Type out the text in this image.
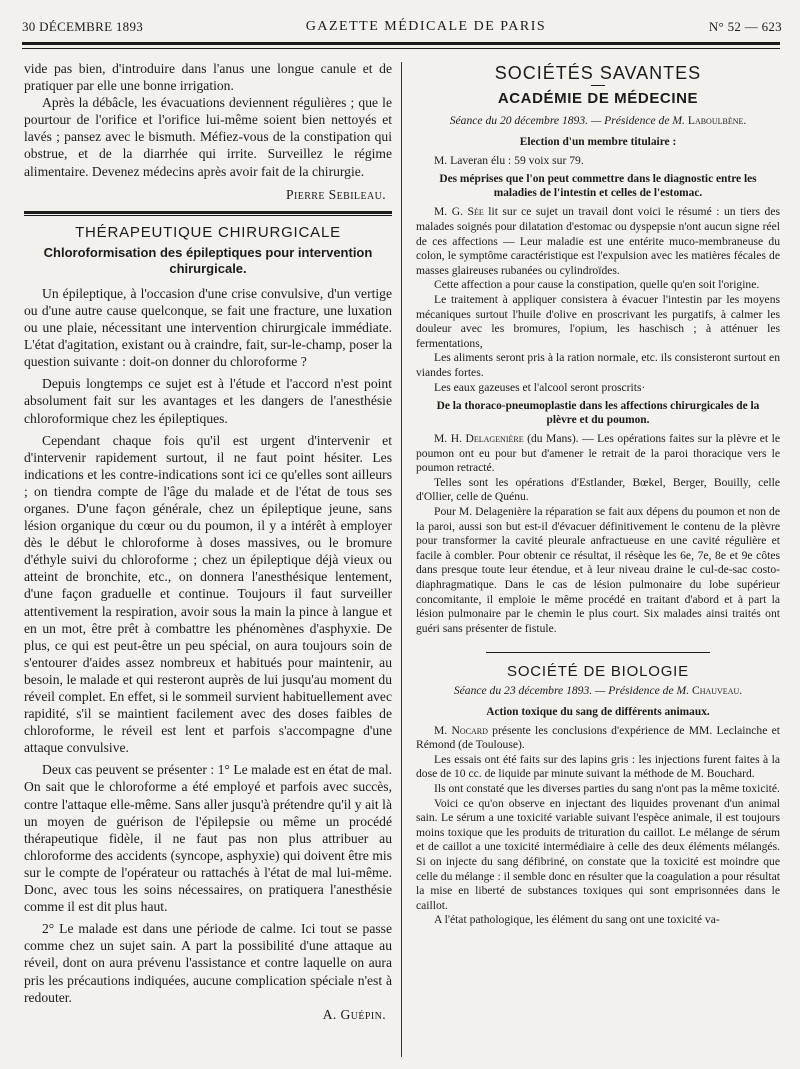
30 DÉCEMBRE 1893	GAZETTE MÉDICALE DE PARIS	N° 52 — 623

vide pas bien, d'introduire dans l'anus une longue canule et de pratiquer par elle une bonne irrigation.

Après la débâcle, les évacuations deviennent régulières ; que le pourtour de l'orifice et l'orifice lui-même soient bien nettoyés et lavés ; pansez avec le bismuth. Méfiez-vous de la constipation qui obstrue, et de la diarrhée qui irrite. Surveillez le régime alimentaire. Devenez médecins après avoir fait de la chirurgie.

Pierre Sebileau.

THÉRAPEUTIQUE CHIRURGICALE
Chloroformisation des épileptiques pour intervention chirurgicale.

Un épileptique, à l'occasion d'une crise convulsive, d'un vertige ou d'une autre cause quelconque, se fait une fracture, une luxation ou une plaie, nécessitant une intervention chirurgicale immédiate. L'état d'agitation, existant ou à craindre, fait, sur-le-champ, poser la question suivante : doit-on donner du chloroforme ?

Depuis longtemps ce sujet est à l'étude et l'accord n'est point absolument fait sur les avantages et les dangers de l'anesthésie chloroformique chez les épileptiques.

Cependant chaque fois qu'il est urgent d'intervenir et d'intervenir rapidement surtout, il ne faut point hésiter. Les indications et les contre-indications sont ici ce qu'elles sont ailleurs ; on tiendra compte de l'âge du malade et de l'état de tous ses organes. D'une façon générale, chez un épileptique jeune, sans lésion organique du cœur ou du poumon, il y a intérêt à employer dès le début le chloroforme à doses massives, ou le bromure d'éthyle suivi du chloroforme ; chez un épileptique déjà vieux ou atteint de bronchite, etc., on donnera l'anesthésique lentement, d'une façon graduelle et continue. Toujours il faut surveiller attentivement la respiration, avoir sous la main la pince à langue et en un mot, être prêt à combattre les phénomènes d'asphyxie. De plus, ce qui est peut-être un peu spécial, on aura toujours soin de s'entourer d'aides assez nombreux et habitués pour maintenir, au besoin, le malade et qui resteront auprès de lui jusqu'au moment du réveil complet. En effet, si le sommeil survient habituellement avec rapidité, s'il se maintient facilement avec des doses faibles de chloroforme, le réveil est lent et parfois s'accompagne d'une attaque convulsive.

Deux cas peuvent se présenter : 1° Le malade est en état de mal. On sait que le chloroforme a été employé et parfois avec succès, contre l'attaque elle-même. Sans aller jusqu'à prétendre qu'il y ait là un moyen de guérison de l'épilepsie ou même un procédé thérapeutique fidèle, il ne faut pas non plus attribuer au chloroforme des accidents (syncope, asphyxie) qui doivent être mis sur le compte de l'opérateur ou rattachés à l'état de mal lui-même. Donc, avec tous les soins nécessaires, on pratiquera l'anesthésie comme il est dit plus haut.

2° Le malade est dans une période de calme. Ici tout se passe comme chez un sujet sain. A part la possibilité d'une attaque au réveil, dont on aura prévenu l'assistance et contre laquelle on aura pris les précautions indiquées, aucune complication spéciale n'est à redouter.

A. Guépin.

SOCIÉTÉS SAVANTES
ACADÉMIE DE MÉDECINE
Séance du 20 décembre 1893. — Présidence de M. Laboulbène.
Election d'un membre titulaire :

M. Laveran élu : 59 voix sur 79.

Des méprises que l'on peut commettre dans le diagnostic entre les maladies de l'intestin et celles de l'estomac.

M. G. Sée lit sur ce sujet un travail dont voici le résumé : un tiers des malades soignés pour dilatation d'estomac ou dyspepsie n'ont aucun signe réel de ces affections — Leur maladie est une entérite muco-membraneuse du colon, le symptôme caractéristique est l'expulsion avec les matières fécales de masses glaireuses rubanées ou cylindroïdes.

Cette affection a pour cause la constipation, quelle qu'en soit l'origine.

Le traitement à appliquer consistera à évacuer l'intestin par les moyens mécaniques surtout l'huile d'olive en proscrivant les purgatifs, à calmer les douleur avec les bromures, l'opium, les haschisch ; à atténuer les fermentations,

Les aliments seront pris à la ration normale, etc. ils consisteront surtout en viandes fortes.

Les eaux gazeuses et l'alcool seront proscrits·

De la thoraco-pneumoplastie dans les affections chirurgicales de la plèvre et du poumon.

M. H. Delagenière (du Mans). — Les opérations faites sur la plèvre et le poumon ont eu pour but d'amener le retrait de la paroi thoracique vers le poumon retracté.

Telles sont les opérations d'Estlander, Bœkel, Berger, Bouilly, celle d'Ollier, celle de Quénu.

Pour M. Delagenière la réparation se fait aux dépens du poumon et non de la paroi, aussi son but est-il d'évacuer définitivement le contenu de la plèvre pour transformer la cavité pleurale anfractueuse en une cavité régulière et facile à combler. Pour obtenir ce résultat, il résèque les 6e, 7e, 8e et 9e côtes dans presque toute leur étendue, et à leur niveau draine le cul-de-sac costo-diaphragmatique. Dans le cas de lésion pulmonaire du lobe supérieur concomitante, il emploie le même procédé en traitant d'abord et à part la lésion pulmonaire par le chemin le plus court. Six malades ainsi traités ont guéri sans présenter de fistule.

SOCIÉTÉ DE BIOLOGIE
Séance du 23 décembre 1893. — Présidence de M. Chauveau.
Action toxique du sang de différents animaux.

M. Nocard présente les conclusions d'expérience de MM. Leclainche et Rémond (de Toulouse).

Les essais ont été faits sur des lapins gris : les injections furent faites à la dose de 10 cc. de liquide par minute suivant la méthode de M. Bouchard.

Ils ont constaté que les diverses parties du sang n'ont pas la même toxicité.

Voici ce qu'on observe en injectant des liquides provenant d'un animal sain. Le sérum a une toxicité variable suivant l'espèce animale, il est toujours moins toxique que les produits de trituration du caillot. Le mélange de sérum et de caillot a une toxicité intermédiaire à celle des deux éléments mélangés. Si on injecte du sang défibriné, on constate que la toxicité est moindre que celle du mélange : il semble donc en résulter que la coagulation a pour résultat la mise en liberté de substances toxiques qui sont emprisonnées dans le caillot.

A l'état pathologique, les élément du sang ont une toxicité va-
